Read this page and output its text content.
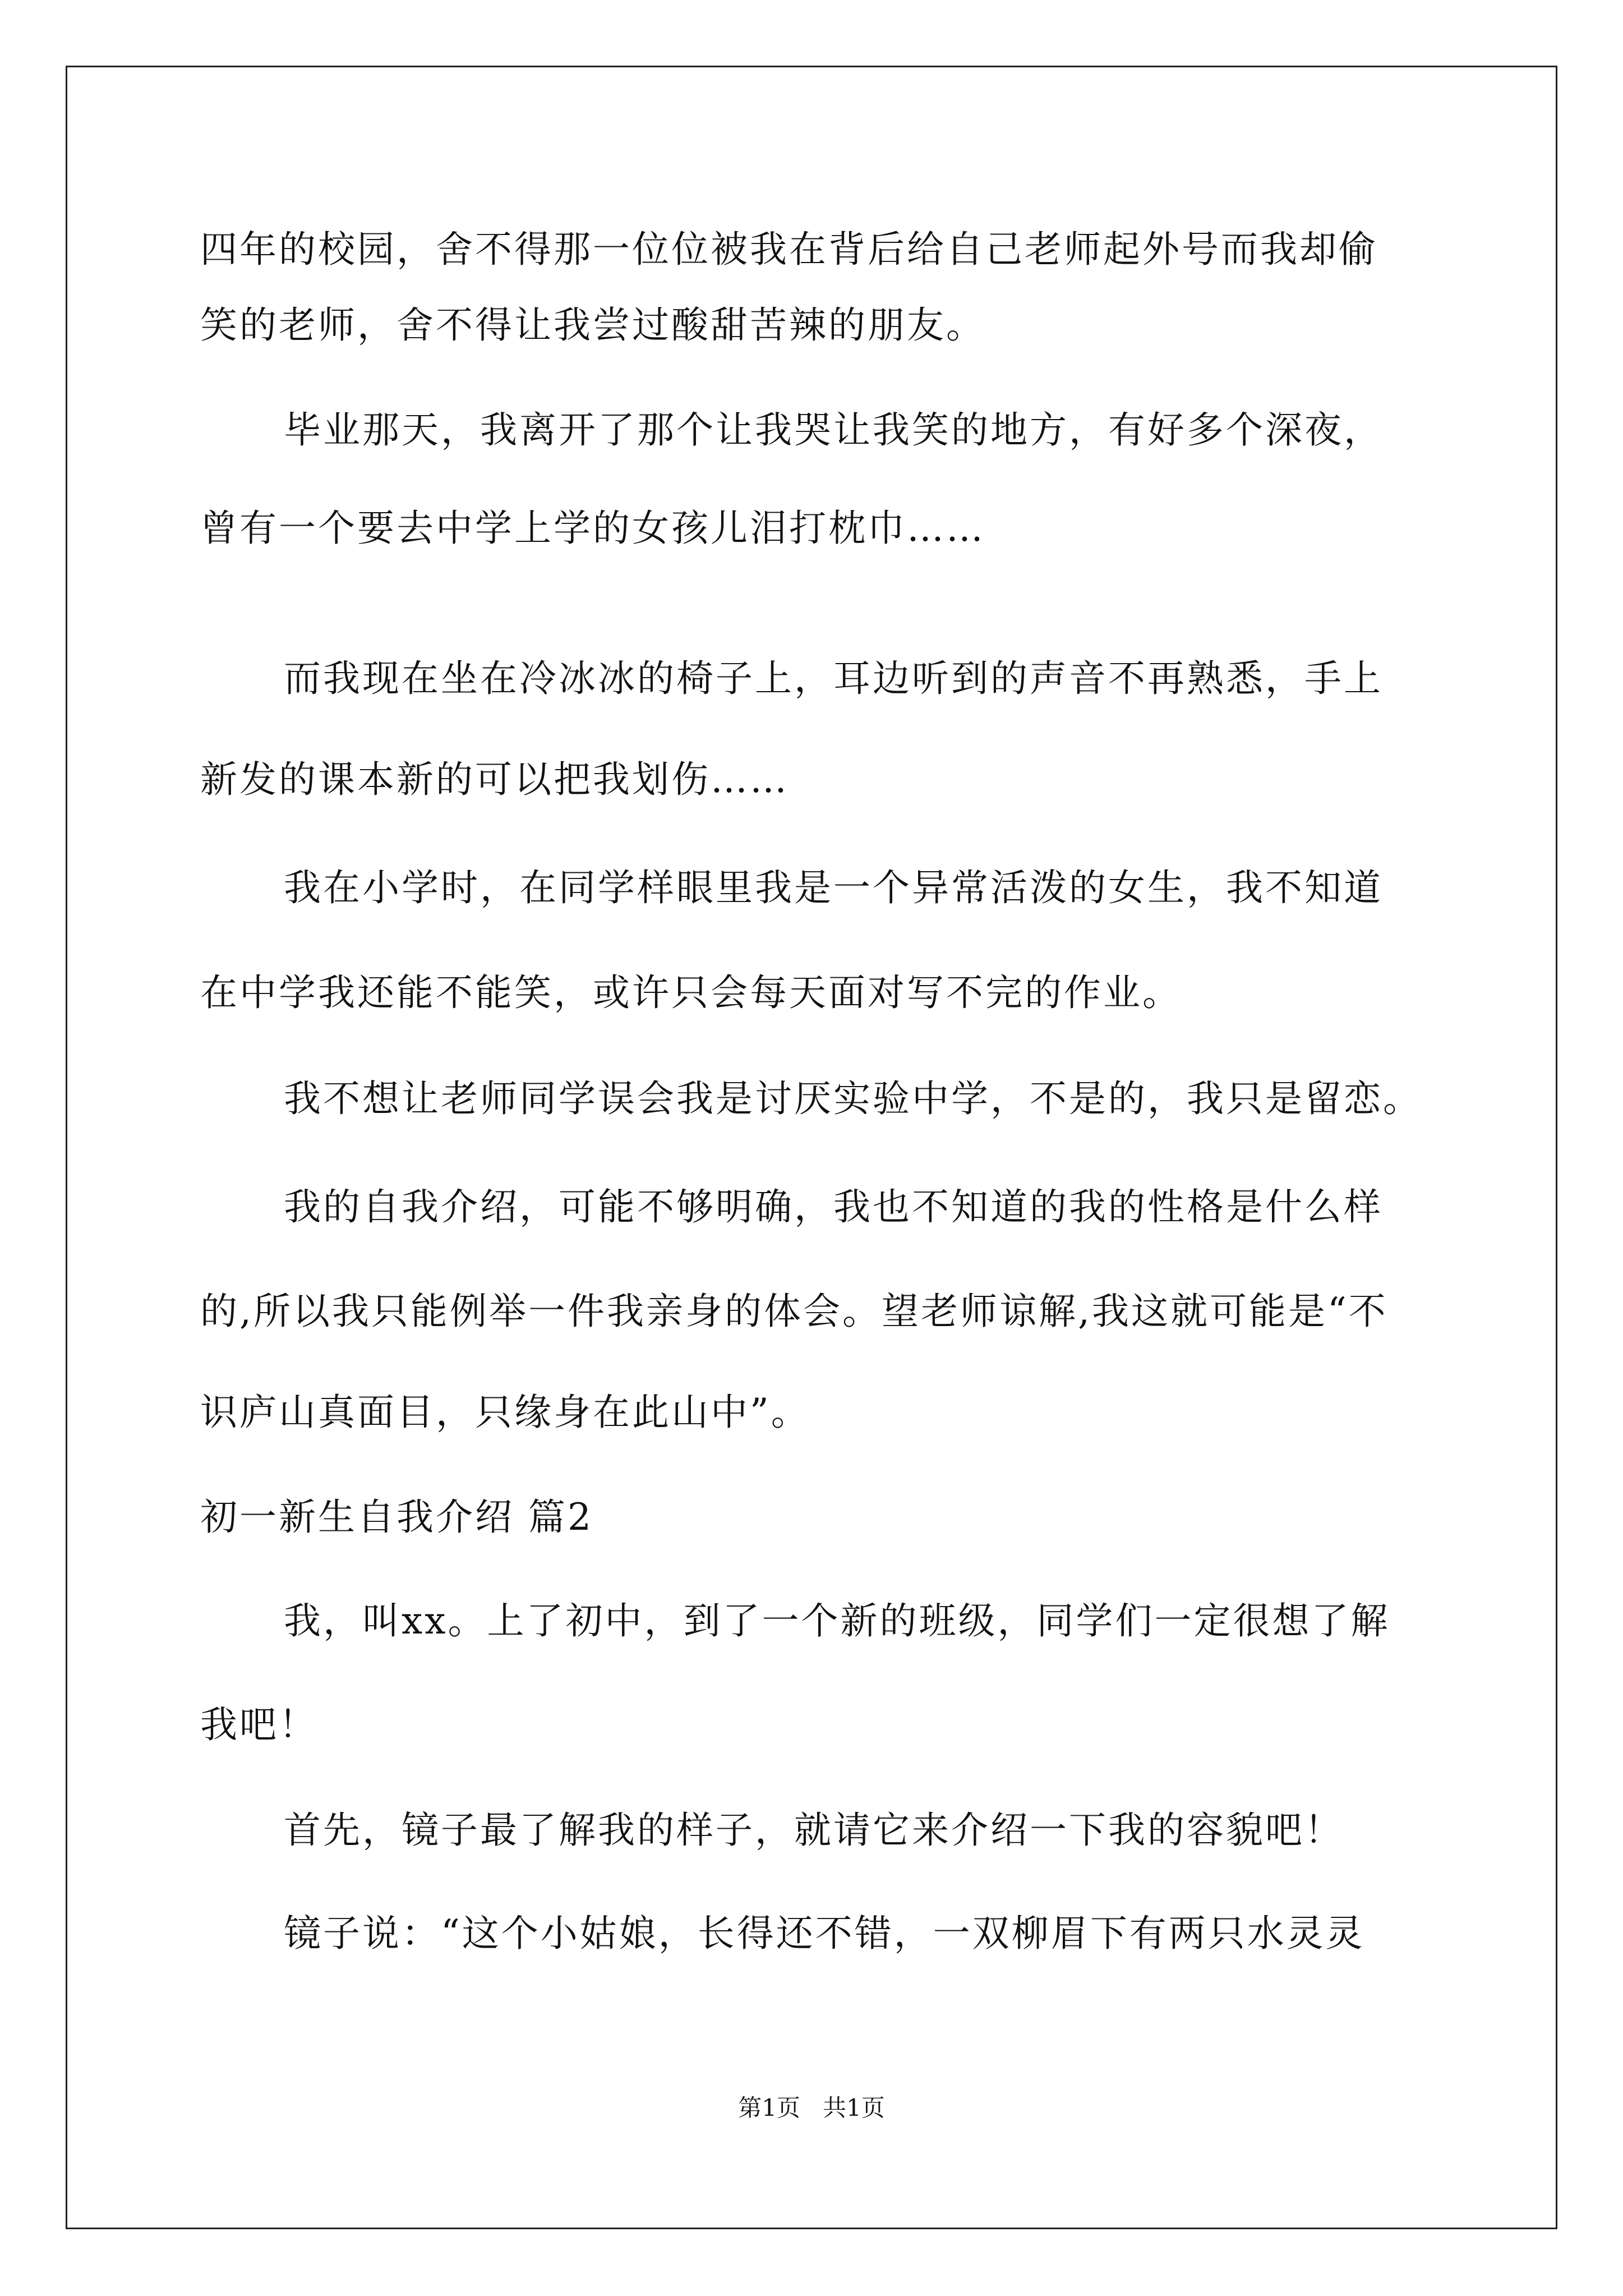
四年的校园，舍不得那一位位被我在背后给自己老师起外号而我却偷
笑的老师，舍不得让我尝过酸甜苦辣的朋友。
毕业那天，我离开了那个让我哭让我笑的地方，有好多个深夜，
曾有一个要去中学上学的女孩儿泪打枕巾……
而我现在坐在冷冰冰的椅子上，耳边听到的声音不再熟悉，手上
新发的课本新的可以把我划伤……
我在小学时，在同学样眼里我是一个异常活泼的女生，我不知道
在中学我还能不能笑，或许只会每天面对写不完的作业。
我不想让老师同学误会我是讨厌实验中学，不是的，我只是留恋。
我的自我介绍，可能不够明确，我也不知道的我的性格是什么样
的,所以我只能例举一件我亲身的体会。望老师谅解,我这就可能是“不
识庐山真面目，只缘身在此山中”。
初一新生自我介绍 篇2
我，叫xx。上了初中，到了一个新的班级，同学们一定很想了解
我吧！
首先，镜子最了解我的样子，就请它来介绍一下我的容貌吧！
镜子说：“这个小姑娘，长得还不错，一双柳眉下有两只水灵灵
第1页 共1页
